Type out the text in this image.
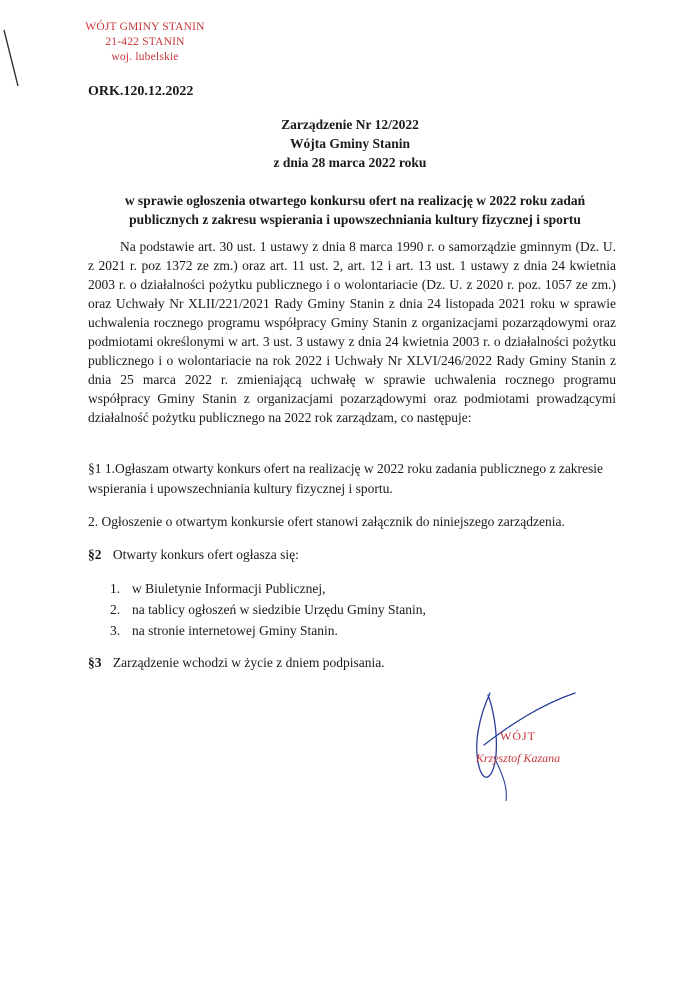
WÓJT GMINY STANIN
21-422 STANIN
woj. lubelskie
ORK.120.12.2022
Zarządzenie Nr 12/2022
Wójta Gminy Stanin
z dnia 28 marca 2022 roku
w sprawie ogłoszenia otwartego konkursu ofert na realizację w 2022 roku zadań publicznych z zakresu wspierania i upowszechniania kultury fizycznej i sportu
Na podstawie art. 30 ust. 1 ustawy z dnia 8 marca 1990 r. o samorządzie gminnym (Dz. U. z 2021 r. poz 1372 ze zm.) oraz art. 11 ust. 2, art. 12 i art. 13 ust. 1 ustawy z dnia 24 kwietnia 2003 r. o działalności pożytku publicznego i o wolontariacie (Dz. U. z 2020 r. poz. 1057 ze zm.) oraz Uchwały Nr XLII/221/2021 Rady Gminy Stanin z dnia 24 listopada 2021 roku w sprawie uchwalenia rocznego programu współpracy Gminy Stanin z organizacjami pozarządowymi oraz podmiotami określonymi w art. 3 ust. 3 ustawy z dnia 24 kwietnia 2003 r. o działalności pożytku publicznego i o wolontariacie na rok 2022 i Uchwały Nr XLVI/246/2022 Rady Gminy Stanin z dnia 25 marca 2022 r. zmieniającą uchwałę w sprawie uchwalenia rocznego programu współpracy Gminy Stanin z organizacjami pozarządowymi oraz podmiotami prowadzącymi działalność pożytku publicznego na 2022 rok zarządzam, co następuje:
§1 1.Ogłaszam otwarty konkurs ofert na realizację w 2022 roku zadania publicznego z zakresie wspierania i upowszechniania kultury fizycznej i sportu.
2. Ogłoszenie o otwartym konkursie ofert stanowi załącznik do niniejszego zarządzenia.
§2 Otwarty konkurs ofert ogłasza się:
1. w Biuletynie Informacji Publicznej,
2. na tablicy ogłoszeń w siedzibie Urzędu Gminy Stanin,
3. na stronie internetowej Gminy Stanin.
§3 Zarządzenie wchodzi w życie z dniem podpisania.
WÓJT
Krzysztof Kazana
